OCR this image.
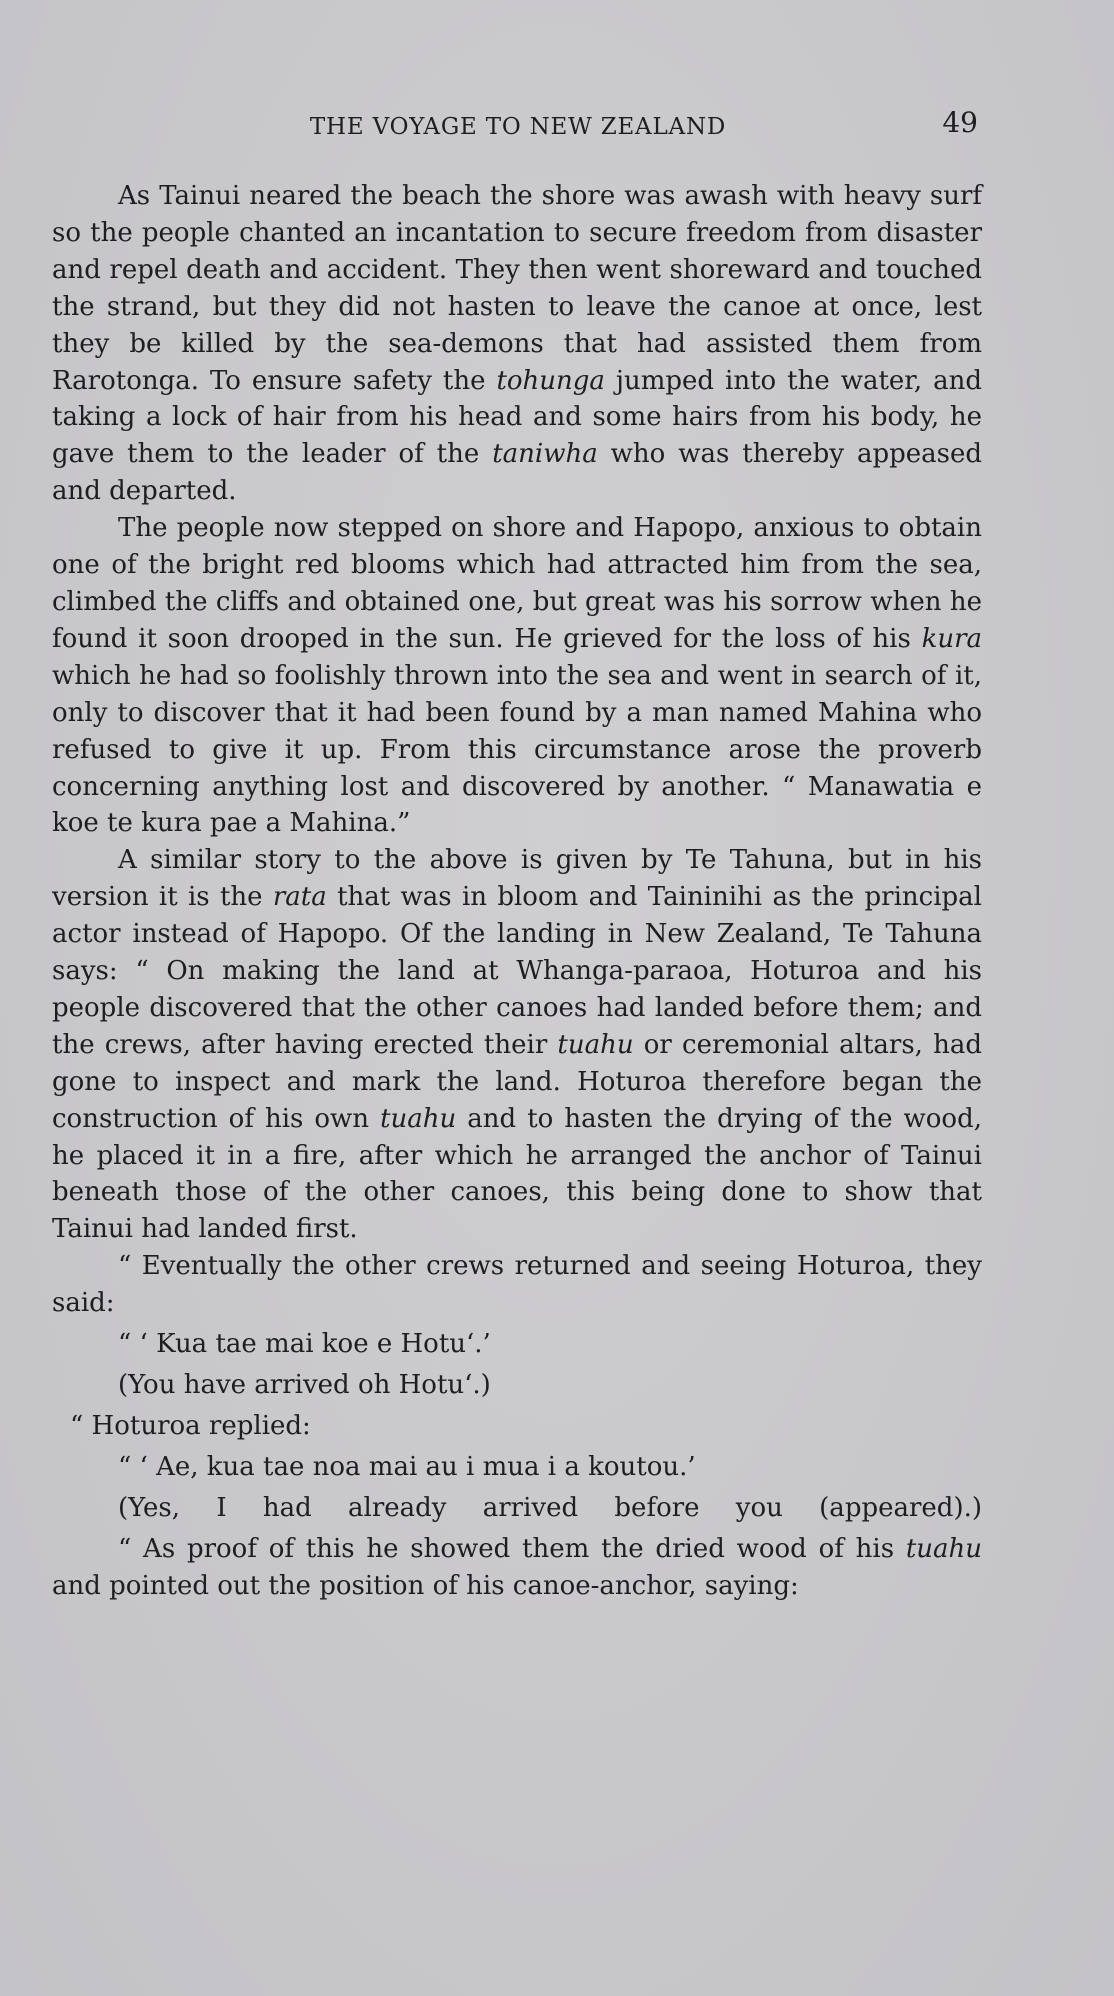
THE VOYAGE TO NEW ZEALAND	49

As Tainui neared the beach the shore was awash with heavy surf so the people chanted an incantation to secure freedom from disaster and repel death and accident. They then went shoreward and touched the strand, but they did not hasten to leave the canoe at once, lest they be killed by the sea-demons that had assisted them from Rarotonga. To ensure safety the tohunga jumped into the water, and taking a lock of hair from his head and some hairs from his body, he gave them to the leader of the taniwha who was thereby appeased and departed.

The people now stepped on shore and Hapopo, anxious to obtain one of the bright red blooms which had attracted him from the sea, climbed the cliffs and obtained one, but great was his sorrow when he found it soon drooped in the sun. He grieved for the loss of his kura which he had so foolishly thrown into the sea and went in search of it, only to discover that it had been found by a man named Mahina who refused to give it up. From this circumstance arose the proverb concerning anything lost and discovered by another. “ Manawatia e koe te kura pae a Mahina.”

A similar story to the above is given by Te Tahuna, but in his version it is the rata that was in bloom and Taininihi as the principal actor instead of Hapopo. Of the landing in New Zealand, Te Tahuna says: “ On making the land at Whanga-paraoa, Hoturoa and his people discovered that the other canoes had landed before them; and the crews, after having erected their tuahu or ceremonial altars, had gone to inspect and mark the land. Hoturoa therefore began the construction of his own tuahu and to hasten the drying of the wood, he placed it in a fire, after which he arranged the anchor of Tainui beneath those of the other canoes, this being done to show that Tainui had landed first.

“ Eventually the other crews returned and seeing Hoturoa, they said:

“ ‘ Kua tae mai koe e Hotu‘.’
(You have arrived oh Hotu‘.)
“ Hoturoa replied:
“ ‘ Ae, kua tae noa mai au i mua i a koutou.’
(Yes, I had already arrived before you (appeared).)

“ As proof of this he showed them the dried wood of his tuahu and pointed out the position of his canoe-anchor, saying:
